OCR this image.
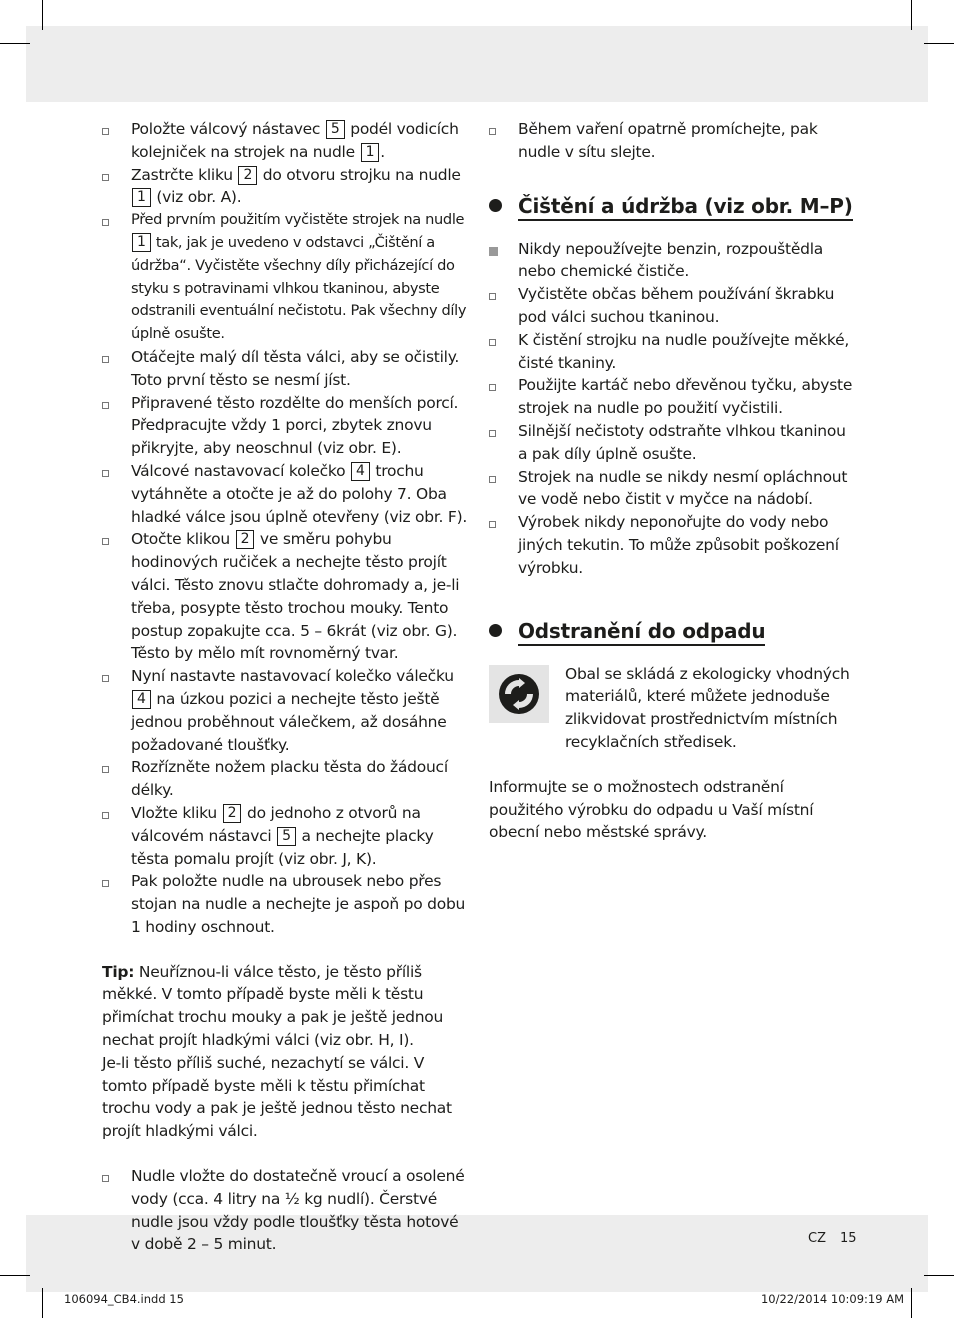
Položte válcový nástavec 5 podél vodicích kolejniček na strojek na nudle 1 .
Zastrčte kliku 2 do otvoru strojku na nudle 1 (viz obr. A).
Před prvním použitím vyčistěte strojek na nudle 1 tak, jak je uvedeno v odstavci „Čištění a údržba“. Vyčistěte všechny díly přicházející do styku s potravinami vlhkou tkaninou, abyste odstranili eventuální nečistotu. Pak všechny díly úplně osušte.
Otáčejte malý díl těsta válci, aby se očistily. Toto první těsto se nesmí jíst.
Připravené těsto rozdělte do menších porcí. Předpracujte vždy 1 porci, zbytek znovu přikryjte, aby neoschnul (viz obr. E).
Válcové nastavovací kolečko 4 trochu vytáhněte a otočte je až do polohy 7. Oba hladké válce jsou úplně otevřeny (viz obr. F).
Otočte klikou 2 ve směru pohybu hodinových ručiček a nechejte těsto projít válci. Těsto znovu stlačte dohromady a, je-li třeba, posypte těsto trochou mouky. Tento postup zopakujte cca. 5 – 6krát (viz obr. G). Těsto by mělo mít rovnoměrný tvar.
Nyní nastavte nastavovací kolečko válečku 4 na úzkou pozici a nechejte těsto ještě jednou proběhnout válečkem, až dosáhne požadované tloušťky.
Rozřízněte nožem placku těsta do žádoucí délky.
Vložte kliku 2 do jednoho z otvorů na válcovém nástavci 5 a nechejte placky těsta pomalu projít (viz obr. J, K).
Pak položte nudle na ubrousek nebo přes stojan na nudle a nechejte je aspoň po dobu 1 hodiny oschnout.
Tip: Neuříznou-li válce těsto, je těsto příliš měkké. V tomto případě byste měli k těstu přimíchat trochu mouky a pak je ještě jednou nechat projít hladkými válci (viz obr. H, I).
Je-li těsto příliš suché, nezachytí se válci. V tomto případě byste měli k těstu přimíchat trochu vody a pak je ještě jednou těsto nechat projít hladkými válci.
Nudle vložte do dostatečně vroucí a osolené vody (cca. 4 litry na ½ kg nudlí). Čerstvé nudle jsou vždy podle tloušťky těsta hotové v době 2 – 5 minut.
Během vaření opatrně promíchejte, pak nudle v sítu slejte.
Čištění a údržba (viz obr. M–P)
Nikdy nepoužívejte benzin, rozpouštědla nebo chemické čističe.
Vyčistěte občas během používání škrabku pod válci suchou tkaninou.
K čistění strojku na nudle používejte měkké, čisté tkaniny.
Použijte kartáč nebo dřevěnou tyčku, abyste strojek na nudle po použití vyčistili.
Silnější nečistoty odstraňte vlhkou tkaninou a pak díly úplně osušte.
Strojek na nudle se nikdy nesmí opláchnout ve vodě nebo čistit v myčce na nádobí.
Výrobek nikdy neponořujte do vody nebo jiných tekutin. To může způsobit poškození výrobku.
Odstranění do odpadu
Obal se skládá z ekologicky vhodných materiálů, které můžete jednoduše zlikvidovat prostřednictvím místních recyklačních středisek.
Informujte se o možnostech odstranění použitého výrobku do odpadu u Vaší místní obecní nebo městské správy.
CZ 15
106094_CB4.indd 15	10/22/2014 10:09:19 AM
